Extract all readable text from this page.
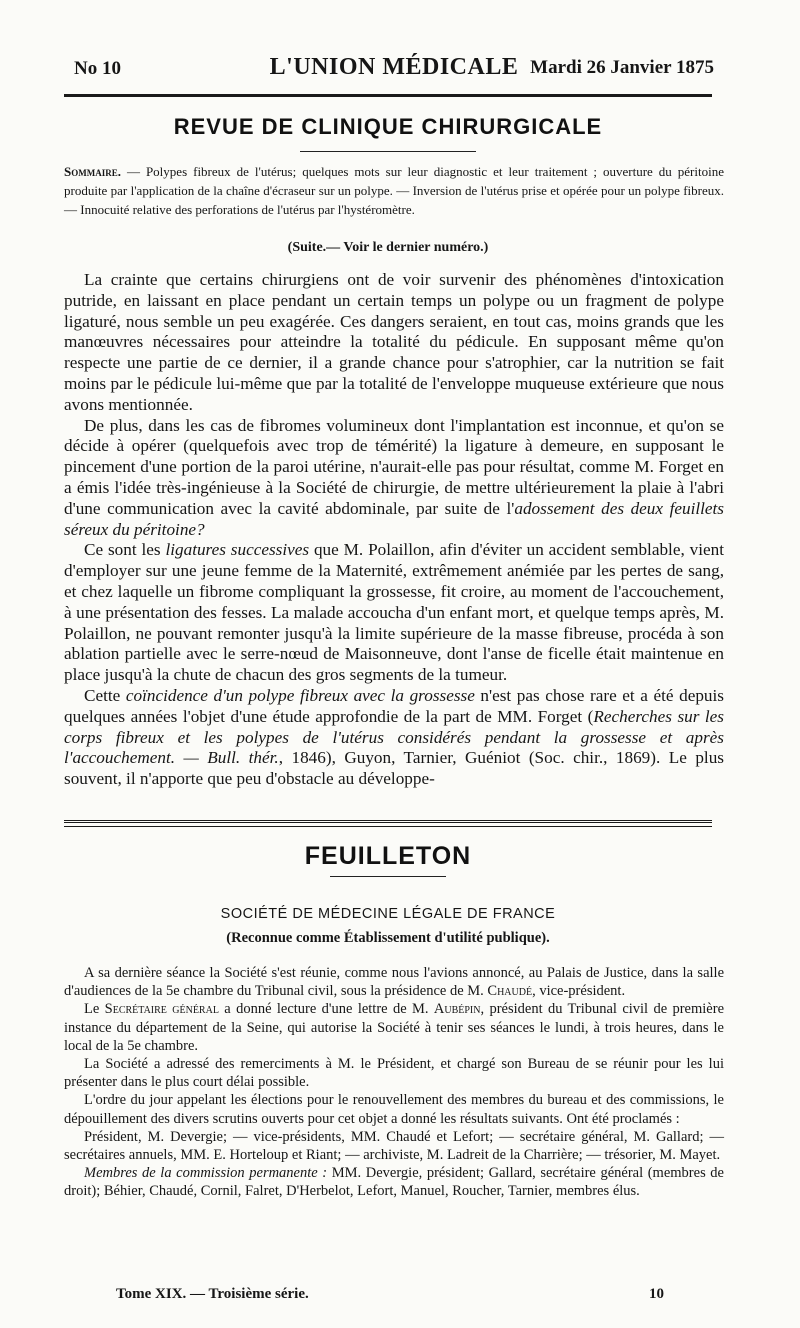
No 10	L'UNION MÉDICALE Mardi 26 Janvier 1875
REVUE DE CLINIQUE CHIRURGICALE
Sommaire. — Polypes fibreux de l'utérus; quelques mots sur leur diagnostic et leur traitement ; ouverture du péritoine produite par l'application de la chaîne d'écraseur sur un polype. — Inversion de l'utérus prise et opérée pour un polype fibreux. — Innocuité relative des perforations de l'utérus par l'hystéromètre.
(Suite.— Voir le dernier numéro.)

La crainte que certains chirurgiens ont de voir survenir des phénomènes d'intoxication putride, en laissant en place pendant un certain temps un polype ou un fragment de polype ligaturé, nous semble un peu exagérée. Ces dangers seraient, en tout cas, moins grands que les manœuvres nécessaires pour atteindre la totalité du pédicule. En supposant même qu'on respecte une partie de ce dernier, il a grande chance pour s'atrophier, car la nutrition se fait moins par le pédicule lui-même que par la totalité de l'enveloppe muqueuse extérieure que nous avons mentionnée.

De plus, dans les cas de fibromes volumineux dont l'implantation est inconnue, et qu'on se décide à opérer (quelquefois avec trop de témérité) la ligature à demeure, en supposant le pincement d'une portion de la paroi utérine, n'aurait-elle pas pour résultat, comme M. Forget en a émis l'idée très-ingénieuse à la Société de chirurgie, de mettre ultérieurement la plaie à l'abri d'une communication avec la cavité abdominale, par suite de l'adossement des deux feuillets séreux du péritoine?

Ce sont les ligatures successives que M. Polaillon, afin d'éviter un accident semblable, vient d'employer sur une jeune femme de la Maternité, extrêmement anémiée par les pertes de sang, et chez laquelle un fibrome compliquant la grossesse, fit croire, au moment de l'accouchement, à une présentation des fesses. La malade accoucha d'un enfant mort, et quelque temps après, M. Polaillon, ne pouvant remonter jusqu'à la limite supérieure de la masse fibreuse, procéda à son ablation partielle avec le serre-nœud de Maisonneuve, dont l'anse de ficelle était maintenue en place jusqu'à la chute de chacun des gros segments de la tumeur.

Cette coïncidence d'un polype fibreux avec la grossesse n'est pas chose rare et a été depuis quelques années l'objet d'une étude approfondie de la part de MM. Forget (Recherches sur les corps fibreux et les polypes de l'utérus considérés pendant la grossesse et après l'accouchement. — Bull. thér., 1846), Guyon, Tarnier, Guéniot (Soc. chir., 1869). Le plus souvent, il n'apporte que peu d'obstacle au développe-

FEUILLETON
SOCIÉTÉ DE MÉDECINE LÉGALE DE FRANCE
(Reconnue comme Établissement d'utilité publique).

A sa dernière séance la Société s'est réunie, comme nous l'avions annoncé, au Palais de Justice, dans la salle d'audiences de la 5e chambre du Tribunal civil, sous la présidence de M. Chaudé, vice-président.

Le Secrétaire général a donné lecture d'une lettre de M. Aubépin, président du Tribunal civil de première instance du département de la Seine, qui autorise la Société à tenir ses séances le lundi, à trois heures, dans le local de la 5e chambre.

La Société a adressé des remerciments à M. le Président, et chargé son Bureau de se réunir pour les lui présenter dans le plus court délai possible.

L'ordre du jour appelant les élections pour le renouvellement des membres du bureau et des commissions, le dépouillement des divers scrutins ouverts pour cet objet a donné les résultats suivants. Ont été proclamés :

Président, M. Devergie; — vice-présidents, MM. Chaudé et Lefort; — secrétaire général, M. Gallard; — secrétaires annuels, MM. E. Horteloup et Riant; — archiviste, M. Ladreit de la Charrière; — trésorier, M. Mayet.

Membres de la commission permanente : MM. Devergie, président; Gallard, secrétaire général (membres de droit); Béhier, Chaudé, Cornil, Falret, D'Herbelot, Lefort, Manuel, Roucher, Tarnier, membres élus.

Tome XIX. — Troisième série.	10
